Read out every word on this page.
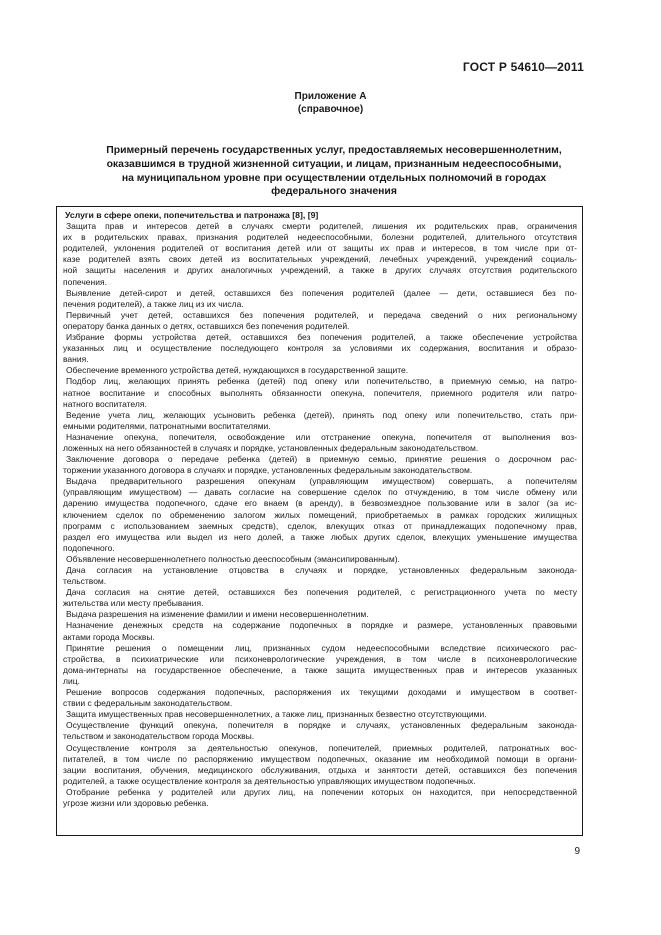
ГОСТ Р 54610—2011
Приложение А
(справочное)
Примерный перечень государственных услуг, предоставляемых несовершеннолетним,
оказавшимся в трудной жизненной ситуации, и лицам, признанным недееспособными,
на муниципальном уровне при осуществлении отдельных полномочий в городах
федерального значения
Услуги в сфере опеки, попечительства и патронажа [8], [9]
Защита прав и интересов детей в случаях смерти родителей, лишения их родительских прав, ограничения
их в родительских правах, признания родителей недееспособными, болезни родителей, длительного отсутствия
родителей, уклонения родителей от воспитания детей или от защиты их прав и интересов, в том числе при от-
казе родителей взять своих детей из воспитательных учреждений, лечебных учреждений, учреждений социаль-
ной защиты населения и других аналогичных учреждений, а также в других случаях отсутствия родительского
попечения.
Выявление детей-сирот и детей, оставшихся без попечения родителей (далее — дети, оставшиеся без по-
печения родителей), а также лиц из их числа.
Первичный учет детей, оставшихся без попечения родителей, и передача сведений о них региональному
оператору банка данных о детях, оставшихся без попечения родителей.
Избрание формы устройства детей, оставшихся без попечения родителей, а также обеспечение устройства
указанных лиц и осуществление последующего контроля за условиями их содержания, воспитания и образо-
вания.
Обеспечение временного устройства детей, нуждающихся в государственной защите.
Подбор лиц, желающих принять ребенка (детей) под опеку или попечительство, в приемную семью, на патро-
натное воспитание и способных выполнять обязанности опекуна, попечителя, приемного родителя или патро-
натного воспитателя.
Ведение учета лиц, желающих усыновить ребенка (детей), принять под опеку или попечительство, стать при-
емными родителями, патронатными воспитателями.
Назначение опекуна, попечителя, освобождение или отстранение опекуна, попечителя от выполнения воз-
ложенных на него обязанностей в случаях и порядке, установленных федеральным законодательством.
Заключение договора о передаче ребенка (детей) в приемную семью, принятие решения о досрочном рас-
торжении указанного договора в случаях и порядке, установленных федеральным законодательством.
Выдача предварительного разрешения опекунам (управляющим имуществом) совершать, а попечителям
(управляющим имуществом) — давать согласие на совершение сделок по отчуждению, в том числе обмену или
дарению имущества подопечного, сдаче его внаем (в аренду), в безвозмездное пользование или в залог (за ис-
ключением сделок по обременению залогом жилых помещений, приобретаемых в рамках городских жилищных
программ с использованием заемных средств), сделок, влекущих отказ от принадлежащих подопечному прав,
раздел его имущества или выдел из него долей, а также любых других сделок, влекущих уменьшение имущества
подопечного.
Объявление несовершеннолетнего полностью дееспособным (эмансипированным).
Дача согласия на установление отцовства в случаях и порядке, установленных федеральным законода-
тельством.
Дача согласия на снятие детей, оставшихся без попечения родителей, с регистрационного учета по месту
жительства или месту пребывания.
Выдача разрешения на изменение фамилии и имени несовершеннолетним.
Назначение денежных средств на содержание подопечных в порядке и размере, установленных правовыми
актами города Москвы.
Принятие решения о помещении лиц, признанных судом недееспособными вследствие психического рас-
стройства, в психиатрические или психоневрологические учреждения, в том числе в психоневрологические
дома-интернаты на государственное обеспечение, а также защита имущественных прав и интересов указанных
лиц.
Решение вопросов содержания подопечных, распоряжения их текущими доходами и имуществом в соответ-
ствии с федеральным законодательством.
Защита имущественных прав несовершеннолетних, а также лиц, признанных безвестно отсутствующими.
Осуществление функций опекуна, попечителя в порядке и случаях, установленных федеральным законода-
тельством и законодательством города Москвы.
Осуществление контроля за деятельностью опекунов, попечителей, приемных родителей, патронатных вос-
питателей, в том числе по распоряжению имуществом подопечных, оказание им необходимой помощи в органи-
зации воспитания, обучения, медицинского обслуживания, отдыха и занятости детей, оставшихся без попечения
родителей, а также осуществление контроля за деятельностью управляющих имуществом подопечных.
Отобрание ребенка у родителей или других лиц, на попечении которых он находится, при непосредственной
угрозе жизни или здоровью ребенка.
9
